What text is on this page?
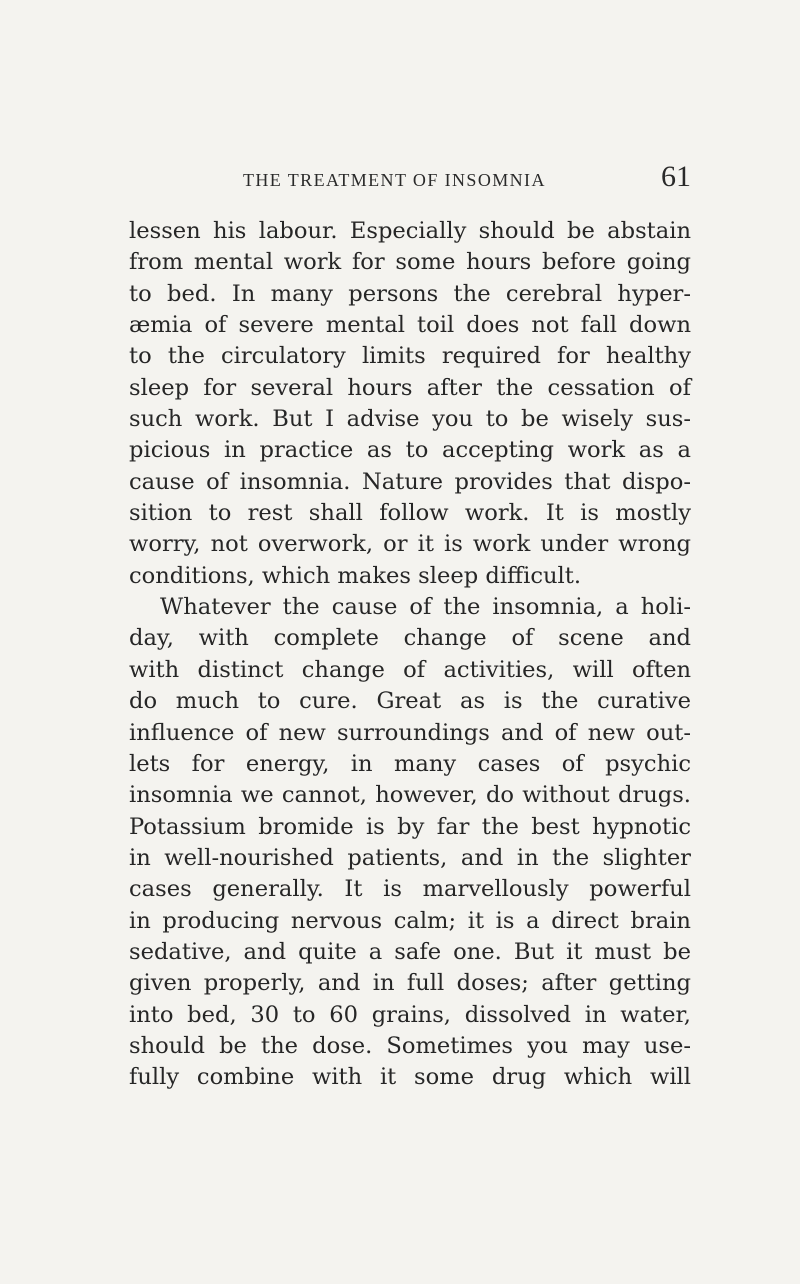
THE TREATMENT OF INSOMNIA	61
lessen his labour. Especially should be abstain
from mental work for some hours before going
to bed. In many persons the cerebral hyper-
æmia of severe mental toil does not fall down
to the circulatory limits required for healthy
sleep for several hours after the cessation of
such work. But I advise you to be wisely sus-
picious in practice as to accepting work as a
cause of insomnia. Nature provides that dispo-
sition to rest shall follow work. It is mostly
worry, not overwork, or it is work under wrong
conditions, which makes sleep difficult.
Whatever the cause of the insomnia, a holi-
day, with complete change of scene and
with distinct change of activities, will often
do much to cure. Great as is the curative
influence of new surroundings and of new out-
lets for energy, in many cases of psychic
insomnia we cannot, however, do without drugs.
Potassium bromide is by far the best hypnotic
in well-nourished patients, and in the slighter
cases generally. It is marvellously powerful
in producing nervous calm; it is a direct brain
sedative, and quite a safe one. But it must be
given properly, and in full doses; after getting
into bed, 30 to 60 grains, dissolved in water,
should be the dose. Sometimes you may use-
fully combine with it some drug which will
